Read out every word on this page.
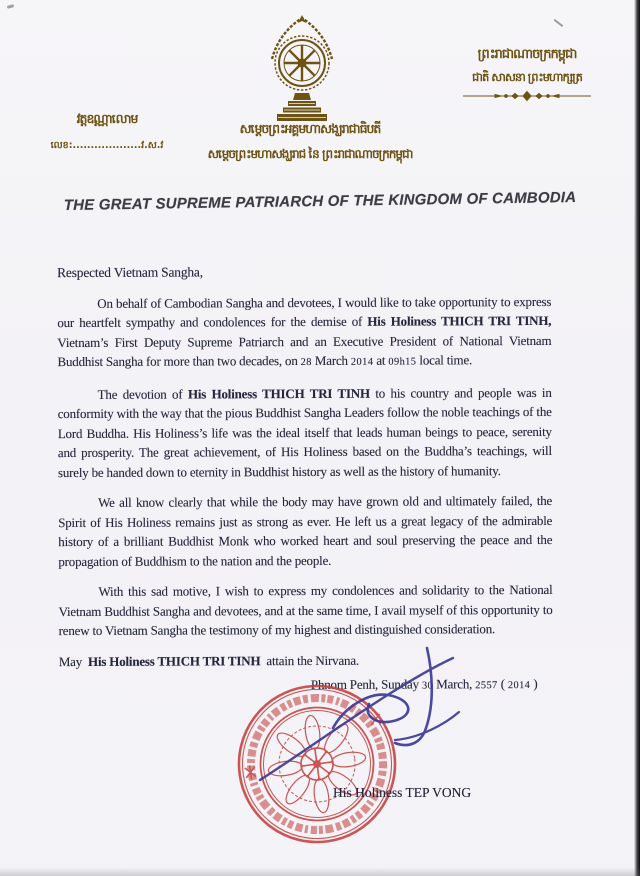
ព្រះរាជាណាចក្រកម្ពុជា
ជាតិ សាសនា ព្រះមហាក្សត្រ
វត្តឧណ្ណាលោម
លេខ:...................វ.ស.វ
សម្ដេចព្រះអគ្គមហាសង្ឃរាជាធិបតី
សម្ដេចព្រះមហាសង្ឃរាជ នៃ ព្រះរាជាណាចក្រកម្ពុជា
THE GREAT SUPREME PATRIARCH OF THE KINGDOM OF CAMBODIA
Respected Vietnam Sangha,

On behalf of Cambodian Sangha and devotees, I would like to take opportunity to express our heartfelt sympathy and condolences for the demise of His Holiness THICH TRI TINH, Vietnam’s First Deputy Supreme Patriarch and an Executive President of National Vietnam Buddhist Sangha for more than two decades, on 28 March 2014 at 09h15 local time.

The devotion of His Holiness THICH TRI TINH to his country and people was in conformity with the way that the pious Buddhist Sangha Leaders follow the noble teachings of the Lord Buddha. His Holiness’s life was the ideal itself that leads human beings to peace, serenity and prosperity. The great achievement, of His Holiness based on the Buddha’s teachings, will surely be handed down to eternity in Buddhist history as well as the history of humanity.

We all know clearly that while the body may have grown old and ultimately failed, the Spirit of His Holiness remains just as strong as ever. He left us a great legacy of the admirable history of a brilliant Buddhist Monk who worked heart and soul preserving the peace and the propagation of Buddhism to the nation and the people.

With this sad motive, I wish to express my condolences and solidarity to the National Vietnam Buddhist Sangha and devotees, and at the same time, I avail myself of this opportunity to renew to Vietnam Sangha the testimony of my highest and distinguished consideration.

May His Holiness THICH TRI TINH attain the Nirvana.

Phnom Penh, Sunday 30 March, 2557 ( 2014 )
His Holiness TEP VONG
